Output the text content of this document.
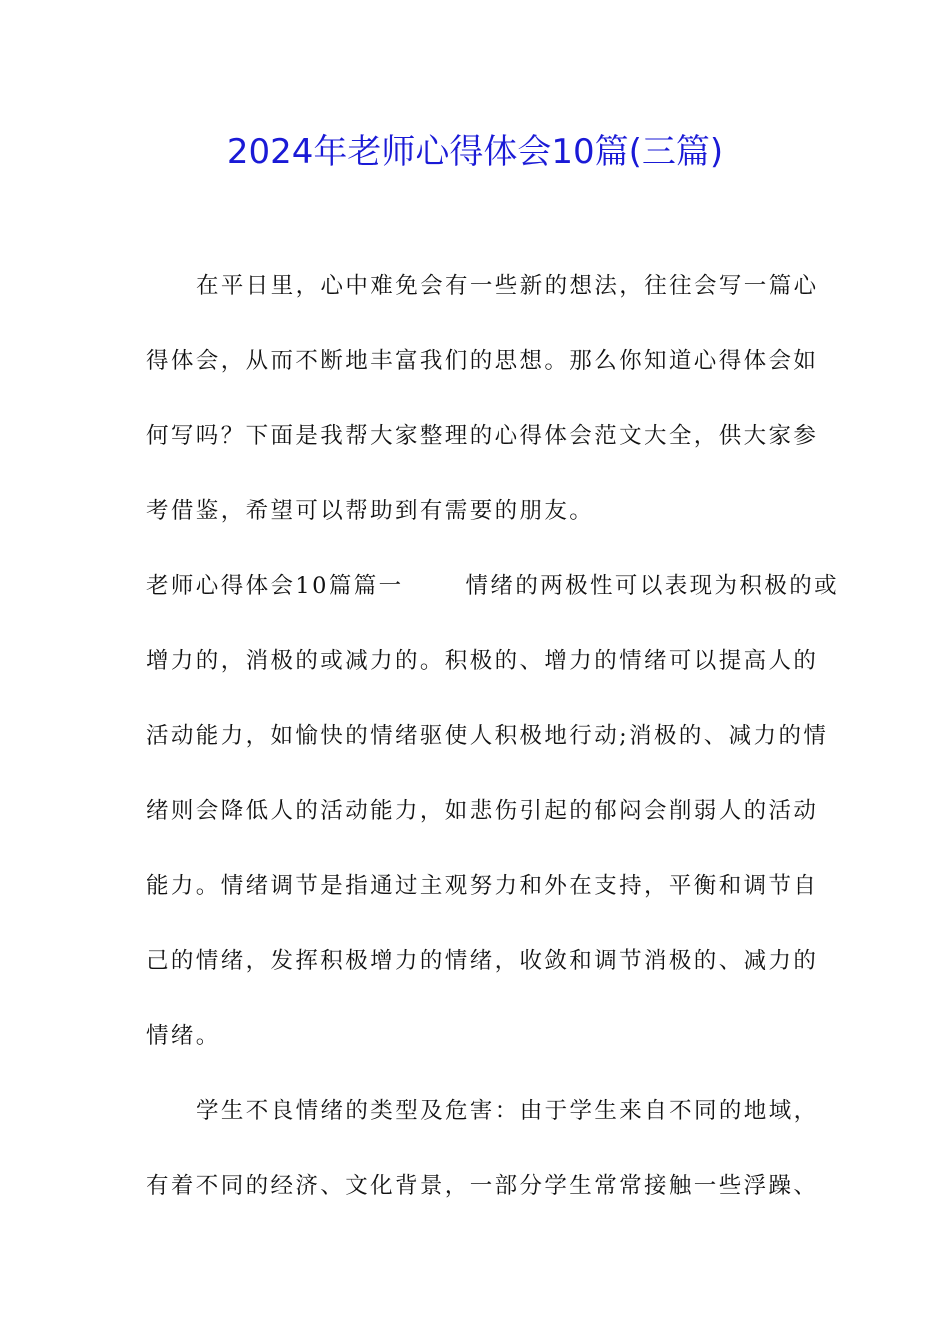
2024年老师心得体会10篇(三篇)
在平日里，心中难免会有一些新的想法，往往会写一篇心
得体会，从而不断地丰富我们的思想。那么你知道心得体会如
何写吗？下面是我帮大家整理的心得体会范文大全，供大家参
考借鉴，希望可以帮助到有需要的朋友。
老师心得体会10篇篇一	情绪的两极性可以表现为积极的或
增力的，消极的或减力的。积极的、增力的情绪可以提高人的
活动能力，如愉快的情绪驱使人积极地行动;消极的、减力的情
绪则会降低人的活动能力，如悲伤引起的郁闷会削弱人的活动
能力。情绪调节是指通过主观努力和外在支持，平衡和调节自
己的情绪，发挥积极增力的情绪，收敛和调节消极的、减力的
情绪。
学生不良情绪的类型及危害：由于学生来自不同的地域，
有着不同的经济、文化背景，一部分学生常常接触一些浮躁、
